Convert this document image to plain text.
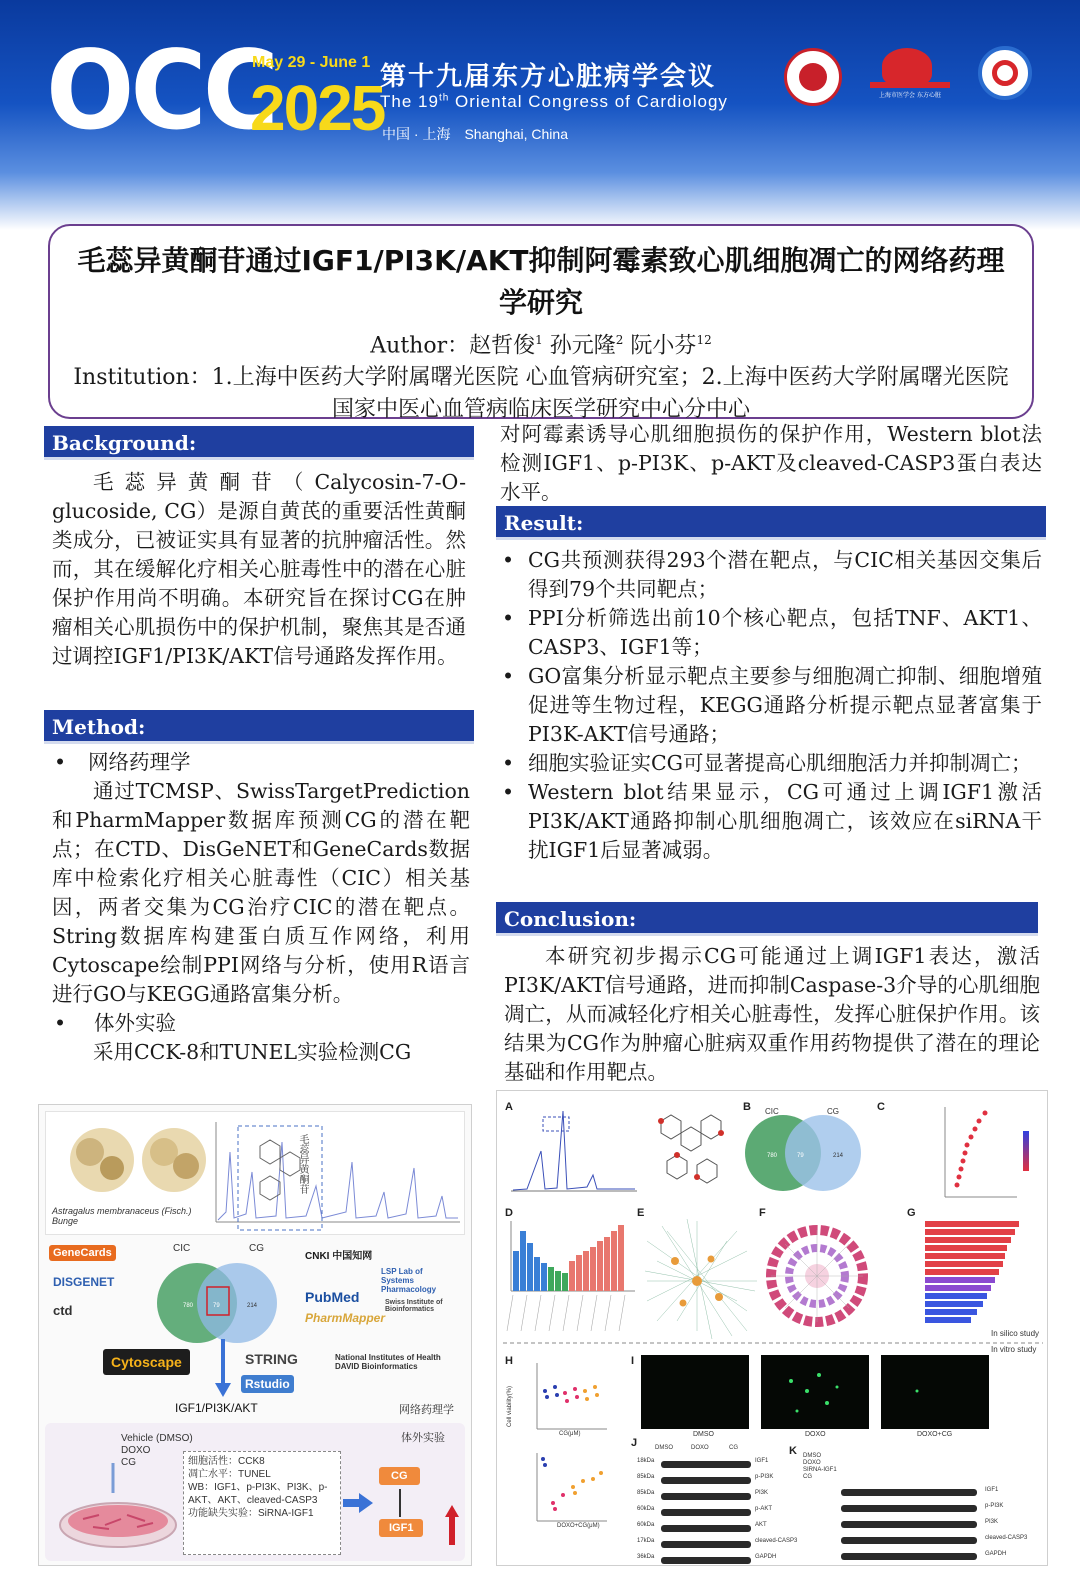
OCC
May 29 - June 1
2025
第十九届东方心脏病学会议
The 19th Oriental Congress of Cardiology
中国 · 上海 Shanghai, China
上海市医学会 东方心脏
毛蕊异黄酮苷通过IGF1/PI3K/AKT抑制阿霉素致心肌细胞凋亡的网络药理学研究
Author：赵哲俊$^1$ 孙元隆$^2$ 阮小芬$^{12}$
Institution：1.上海中医药大学附属曙光医院 心血管病研究室；2.上海中医药大学附属曙光医院 国家中医心血管病临床医学研究中心分中心
Background:

毛蕊异黄酮苷（Calycosin-7-O-glucoside, CG）是源自黄芪的重要活性黄酮类成分，已被证实具有显著的抗肿瘤活性。然而，其在缓解化疗相关心脏毒性中的潜在心脏保护作用尚不明确。本研究旨在探讨CG在肿瘤相关心肌损伤中的保护机制，聚焦其是否通过调控IGF1/PI3K/AKT信号通路发挥作用。

Method:
• 网络药理学

通过TCMSP、SwissTargetPrediction和PharmMapper数据库预测CG的潜在靶点；在CTD、DisGeNET和GeneCards数据库中检索化疗相关心脏毒性（CIC）相关基因，两者交集为CG治疗CIC的潜在靶点。String数据库构建蛋白质互作网络，利用Cytoscape绘制PPI网络与分析，使用R语言进行GO与KEGG通路富集分析。

• 体外实验

采用CCK-8和TUNEL实验检测CG

Astragalus membranaceus (Fisch.) Bunge
毛蕊异黄酮苷
GeneCards
DISGENET
ctd	780	79	214
CIC	CG
CNKI 中国知网
LSP Lab of Systems Pharmacology
PubMed
PharmMapper
Swiss Institute of Bioinformatics
Cytoscape	STRING	National Institutes of Health DAVID Bioinformatics
Rstudio
IGF1/PI3K/AKT	网络药理学
体外实验
Vehicle (DMSO)
DOXO
CG	细胞活性：CCK8
凋亡水平：TUNEL
WB：IGF1、p-PI3K、PI3K、p-AKT、AKT、cleaved-CASP3
功能缺失实验：SiRNA-IGF1
CG
IGF1

对阿霉素诱导心肌细胞损伤的保护作用，Western blot法检测IGF1、p-PI3K、p-AKT及cleaved-CASP3蛋白表达水平。

Result:
• CG共预测获得293个潜在靶点，与CIC相关基因交集后得到79个共同靶点；
• PPI分析筛选出前10个核心靶点，包括TNF、AKT1、CASP3、IGF1等；
• GO富集分析显示靶点主要参与细胞凋亡抑制、细胞增殖促进等生物过程，KEGG通路分析提示靶点显著富集于PI3K-AKT信号通路；
• 细胞实验证实CG可显著提高心肌细胞活力并抑制凋亡；
• Western blot结果显示，CG可通过上调IGF1激活PI3K/AKT通路抑制心肌细胞凋亡，该效应在siRNA干扰IGF1后显著减弱。
Conclusion:

本研究初步揭示CG可能通过上调IGF1表达，激活PI3K/AKT信号通路，进而抑制Caspase-3介导的心肌细胞凋亡，从而减轻化疗相关心脏毒性，发挥心脏保护作用。该结果为CG作为肿瘤心脏病双重作用药物提供了潜在的理论基础和作用靶点。

780	79	214
A	B	C
D	E	F	G
H	I
J
K
CIC	CG
In silico study
In vitro study
DMSO	DOXO	DOXO+CG
Cell viability(%)
CG(μM)
DOXO+CG(μM)
DMSO	DOXO	CG
18kDa
85kDa
85kDa
60kDa
60kDa
17kDa
36kDa
IGF1
p-PI3K
PI3K
p-AKT
AKT
cleaved-CASP3
GAPDH
DMSO
DOXO
SIRNA-IGF1
CG
IGF1
p-PI3K
PI3K
cleaved-CASP3
GAPDH
